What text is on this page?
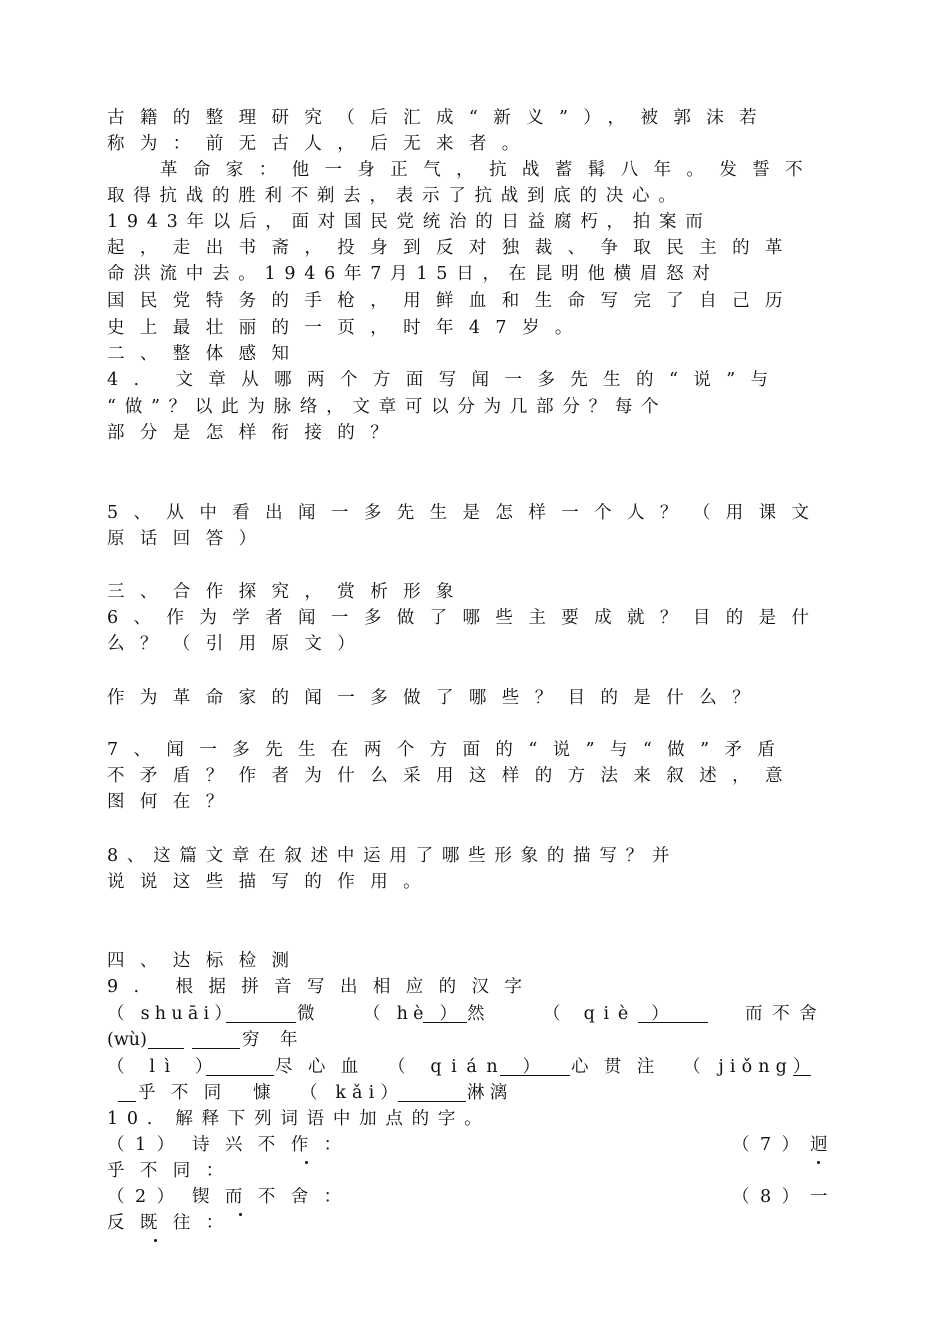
古籍的整理研究（后汇成“新义”），被郭沫若
称为：前无古人，后无来者。
革命家：他一身正气，抗战蓄髯八年。发誓不
取得抗战的胜利不剃去，表示了抗战到底的决心。
1943年以后，面对国民党统治的日益腐朽，拍案而
起，走出书斋，投身到反对独裁、争取民主的革
命洪流中去。1946年7月15日，在昆明他横眉怒对
国民党特务的手枪，用鲜血和生命写完了自己历
史上最壮丽的一页，时年47岁。
二、整体感知
4. 文章从哪两个方面写闻一多先生的“说”与
“做”？以此为脉络，文章可以分为几部分？每个
部分是怎样衔接的？
5、从中看出闻一多先生是怎样一个人？（用课文
原话回答）
三、合作探究，赏析形象
6、作为学者闻一多做了哪些主要成就？目的是什
么？（引用原文）
作为革命家的闻一多做了哪些？目的是什么？
7、闻一多先生在两个方面的“说”与“做”矛盾
不矛盾？作者为什么采用这样的方法来叙述，意
图何在？
8、这篇文章在叙述中运用了哪些形象的描写？并
说说这些描写的作用。
四、达标检测
9. 根据拼音写出相应的汉字
（ shuāi）	微	（ hè ） 然	（ qiè ）	而不舍
(wù)	穷 年
（ lì ）	尽心血 （ qián ） 心贯注 （ jiǒng）
乎不同 慷 （ kǎi）	淋漓
10. 解释下列词语中加点的字。
（1） 诗兴不作：	（7） 迥
乎不同：
（2） 锲而不舍：	（8） 一
反既往：
